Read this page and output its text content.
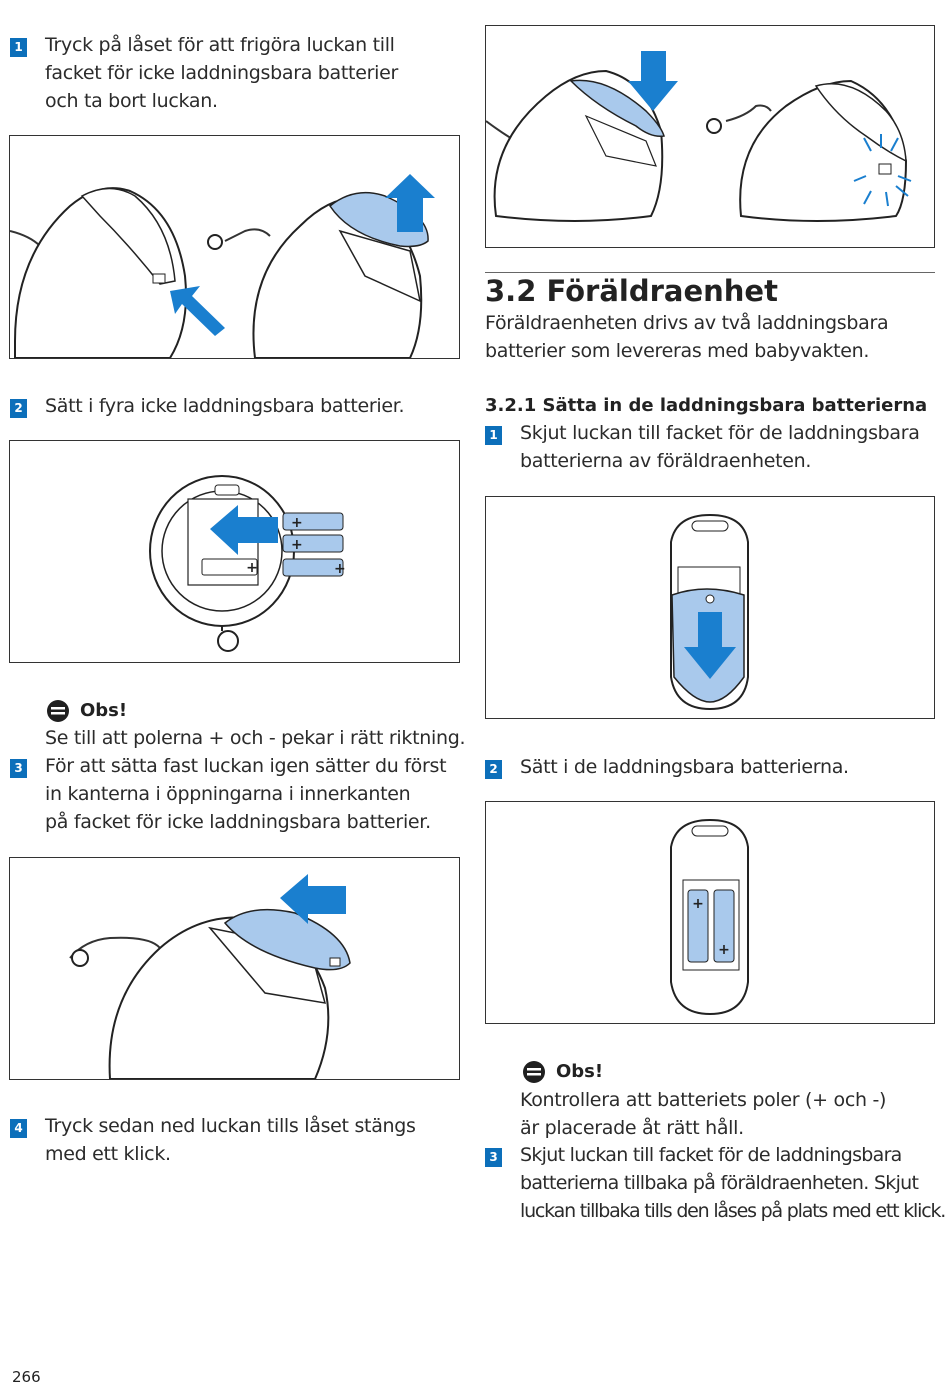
1 Tryck på låset för att frigöra luckan till
facket för icke laddningsbara batterier
och ta bort luckan.
2 Sätt i fyra icke laddningsbara batterier.
+
+
+
+
Obs!
Se till att polerna + och - pekar i rätt riktning.
3 För att sätta fast luckan igen sätter du först
in kanterna i öppningarna i innerkanten
på facket för icke laddningsbara batterier.
4 Tryck sedan ned luckan tills låset stängs
med ett klick.
266
3.2 Föräldraenhet
Föräldraenheten drivs av två laddningsbara
batterier som levereras med babyvakten.
3.2.1 Sätta in de laddningsbara batterierna
1 Skjut luckan till facket för de laddningsbara
batterierna av föräldraenheten.
2 Sätt i de laddningsbara batterierna.
+
+
Obs!
Kontrollera att batteriets poler (+ och -)
är placerade åt rätt håll.
3 Skjut luckan till facket för de laddningsbara
batterierna tillbaka på föräldraenheten. Skjut
luckan tillbaka tills den låses på plats med ett klick.
